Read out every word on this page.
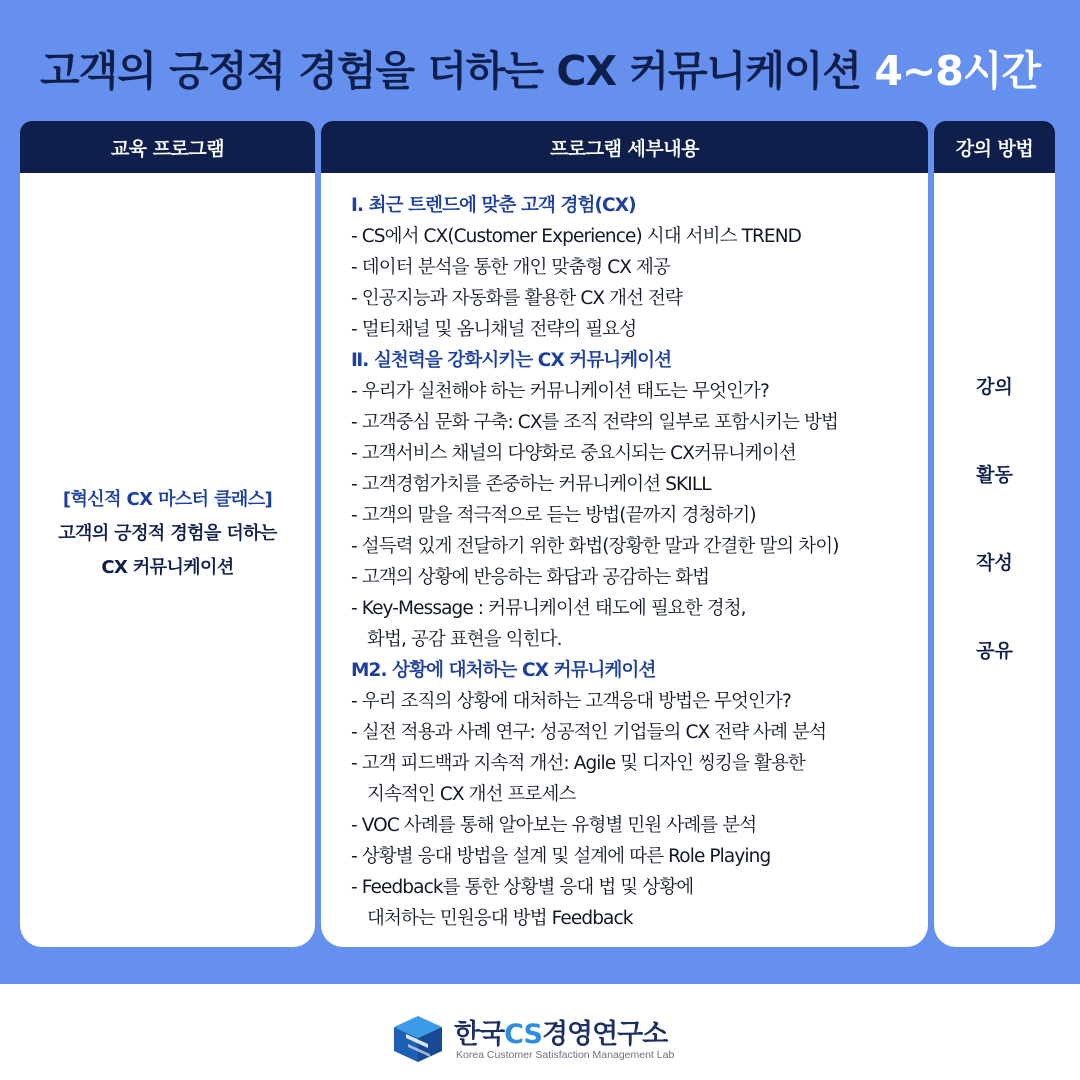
고객의 긍정적 경험을 더하는 CX 커뮤니케이션 4~8시간
교육 프로그램
[혁신적 CX 마스터 클래스]
고객의 긍정적 경험을 더하는
CX 커뮤니케이션
프로그램 세부내용
Ⅰ. 최근 트렌드에 맞춘 고객 경험(CX)
- CS에서 CX(Customer Experience) 시대 서비스 TREND
- 데이터 분석을 통한 개인 맞춤형 CX 제공
- 인공지능과 자동화를 활용한 CX 개선 전략
- 멀티채널 및 옴니채널 전략의 필요성
Ⅱ. 실천력을 강화시키는 CX 커뮤니케이션
- 우리가 실천해야 하는 커뮤니케이션 태도는 무엇인가?
- 고객중심 문화 구축: CX를 조직 전략의 일부로 포함시키는 방법
- 고객서비스 채널의 다양화로 중요시되는 CX커뮤니케이션
- 고객경험가치를 존중하는 커뮤니케이션 SKILL
- 고객의 말을 적극적으로 듣는 방법(끝까지 경청하기)
- 설득력 있게 전달하기 위한 화법(장황한 말과 간결한 말의 차이)
- 고객의 상황에 반응하는 화답과 공감하는 화법
- Key-Message : 커뮤니케이션 태도에 필요한 경청,
화법, 공감 표현을 익힌다.
M2. 상황에 대처하는 CX 커뮤니케이션
- 우리 조직의 상황에 대처하는 고객응대 방법은 무엇인가?
- 실전 적용과 사례 연구: 성공적인 기업들의 CX 전략 사례 분석
- 고객 피드백과 지속적 개선: Agile 및 디자인 씽킹을 활용한
지속적인 CX 개선 프로세스
- VOC 사례를 통해 알아보는 유형별 민원 사례를 분석
- 상황별 응대 방법을 설계 및 설계에 따른 Role Playing
- Feedback를 통한 상황별 응대 법 및 상황에
대처하는 민원응대 방법 Feedback
강의 방법
강의
활동
작성
공유
한국CS경영연구소
Korea Customer Satisfaction Management Lab
